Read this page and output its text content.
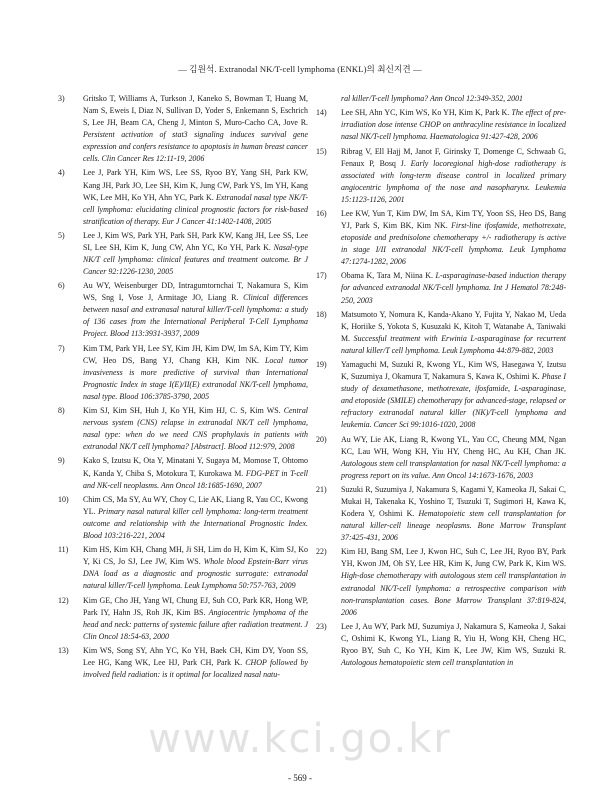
— 김원석. Extranodal NK/T-cell lymphoma (ENKL)의 최신지견 —
3)	Gritsko T, Williams A, Turkson J, Kaneko S, Bowman T, Huang M, Nam S, Eweis I, Diaz N, Sullivan D, Yoder S, Enkemann S, Eschrich S, Lee JH, Beam CA, Cheng J, Minton S, Muro-Cacho CA, Jove R. Persistent activation of stat3 signaling induces survival gene expression and confers resistance to apoptosis in human breast cancer cells. Clin Cancer Res 12:11-19, 2006
4)	Lee J, Park YH, Kim WS, Lee SS, Ryoo BY, Yang SH, Park KW, Kang JH, Park JO, Lee SH, Kim K, Jung CW, Park YS, Im YH, Kang WK, Lee MH, Ko YH, Ahn YC, Park K. Extranodal nasal type NK/T-cell lymphoma: elucidating clinical prognostic factors for risk-based stratification of therapy. Eur J Cancer 41:1402-1408, 2005
5)	Lee J, Kim WS, Park YH, Park SH, Park KW, Kang JH, Lee SS, Lee SI, Lee SH, Kim K, Jung CW, Ahn YC, Ko YH, Park K. Nasal-type NK/T cell lymphoma: clinical features and treatment outcome. Br J Cancer 92:1226-1230, 2005
6)	Au WY, Weisenburger DD, Intragumtornchai T, Nakamura S, Kim WS, Sng I, Vose J, Armitage JO, Liang R. Clinical differences between nasal and extranasal natural killer/T-cell lymphoma: a study of 136 cases from the International Peripheral T-Cell Lymphoma Project. Blood 113:3931-3937, 2009
7)	Kim TM, Park YH, Lee SY, Kim JH, Kim DW, Im SA, Kim TY, Kim CW, Heo DS, Bang YJ, Chang KH, Kim NK. Local tumor invasiveness is more predictive of survival than International Prognostic Index in stage I(E)/II(E) extranodal NK/T-cell lymphoma, nasal type. Blood 106:3785-3790, 2005
8)	Kim SJ, Kim SH, Huh J, Ko YH, Kim HJ, C. S, Kim WS. Central nervous system (CNS) relapse in extranodal NK/T cell lymphoma, nasal type: when do we need CNS prophylaxis in patients with extranodal NK/T cell lymphoma? [Abstract]. Blood 112:979, 2008
9)	Kako S, Izutsu K, Ota Y, Minatani Y, Sugaya M, Momose T, Ohtomo K, Kanda Y, Chiba S, Motokura T, Kurokawa M. FDG-PET in T-cell and NK-cell neoplasms. Ann Oncol 18:1685-1690, 2007
10)	Chim CS, Ma SY, Au WY, Choy C, Lie AK, Liang R, Yau CC, Kwong YL. Primary nasal natural killer cell lymphoma: long-term treatment outcome and relationship with the International Prognostic Index. Blood 103:216-221, 2004
11)	Kim HS, Kim KH, Chang MH, Ji SH, Lim do H, Kim K, Kim SJ, Ko Y, Ki CS, Jo SJ, Lee JW, Kim WS. Whole blood Epstein-Barr virus DNA load as a diagnostic and prognostic surrogate: extranodal natural killer/T-cell lymphoma. Leuk Lymphoma 50:757-763, 2009
12)	Kim GE, Cho JH, Yang WI, Chung EJ, Suh CO, Park KR, Hong WP, Park IY, Hahn JS, Roh JK, Kim BS. Angiocentric lymphoma of the head and neck: patterns of systemic failure after radiation treatment. J Clin Oncol 18:54-63, 2000
13)	Kim WS, Song SY, Ahn YC, Ko YH, Baek CH, Kim DY, Yoon SS, Lee HG, Kang WK, Lee HJ, Park CH, Park K. CHOP followed by involved field radiation: is it optimal for localized nasal natu-
ral killer/T-cell lymphoma? Ann Oncol 12:349-352, 2001
14)	Lee SH, Ahn YC, Kim WS, Ko YH, Kim K, Park K. The effect of pre-irradiation dose intense CHOP on anthracyline resistance in localized nasal NK/T-cell lymphoma. Haematologica 91:427-428, 2006
15)	Ribrag V, Ell Hajj M, Janot F, Girinsky T, Domenge C, Schwaab G, Fenaux P, Bosq J. Early locoregional high-dose radiotherapy is associated with long-term disease control in localized primary angiocentric lymphoma of the nose and nasopharynx. Leukemia 15:1123-1126, 2001
16)	Lee KW, Yun T, Kim DW, Im SA, Kim TY, Yoon SS, Heo DS, Bang YJ, Park S, Kim BK, Kim NK. First-line ifosfamide, methotrexate, etoposide and prednisolone chemotherapy +/- radiotherapy is active in stage I/II extranodal NK/T-cell lymphoma. Leuk Lymphoma 47:1274-1282, 2006
17)	Obama K, Tara M, Niina K. L-asparaginase-based induction therapy for advanced extranodal NK/T-cell lymphoma. Int J Hematol 78:248-250, 2003
18)	Matsumoto Y, Nomura K, Kanda-Akano Y, Fujita Y, Nakao M, Ueda K, Horiike S, Yokota S, Kusuzaki K, Kitoh T, Watanabe A, Taniwaki M. Successful treatment with Erwinia L-asparaginase for recurrent natural killer/T cell lymphoma. Leuk Lymphoma 44:879-882, 2003
19)	Yamaguchi M, Suzuki R, Kwong YL, Kim WS, Hasegawa Y, Izutsu K, Suzumiya J, Okamura T, Nakamura S, Kawa K, Oshimi K. Phase I study of dexamethasone, methotrexate, ifosfamide, L-asparaginase, and etoposide (SMILE) chemotherapy for advanced-stage, relapsed or refractory extranodal natural killer (NK)/T-cell lymphoma and leukemia. Cancer Sci 99:1016-1020, 2008
20)	Au WY, Lie AK, Liang R, Kwong YL, Yau CC, Cheung MM, Ngan KC, Lau WH, Wong KH, Yiu HY, Cheng HC, Au KH, Chan JK. Autologous stem cell transplantation for nasal NK/T-cell lymphoma: a progress report on its value. Ann Oncol 14:1673-1676, 2003
21)	Suzuki R, Suzumiya J, Nakamura S, Kagami Y, Kameoka JI, Sakai C, Mukai H, Takenaka K, Yoshino T, Tsuzuki T, Sugimori H, Kawa K, Kodera Y, Oshimi K. Hematopoietic stem cell transplantation for natural killer-cell lineage neoplasms. Bone Marrow Transplant 37:425-431, 2006
22)	Kim HJ, Bang SM, Lee J, Kwon HC, Suh C, Lee JH, Ryoo BY, Park YH, Kwon JM, Oh SY, Lee HR, Kim K, Jung CW, Park K, Kim WS. High-dose chemotherapy with autologous stem cell transplantation in extranodal NK/T-cell lymphoma: a retrospective comparison with non-transplantation cases. Bone Marrow Transplant 37:819-824, 2006
23)	Lee J, Au WY, Park MJ, Suzumiya J, Nakamura S, Kameoka J, Sakai C, Oshimi K, Kwong YL, Liang R, Yiu H, Wong KH, Cheng HC, Ryoo BY, Suh C, Ko YH, Kim K, Lee JW, Kim WS, Suzuki R. Autologous hematopoietic stem cell transplantation in
www.kci.go.kr
- 569 -
